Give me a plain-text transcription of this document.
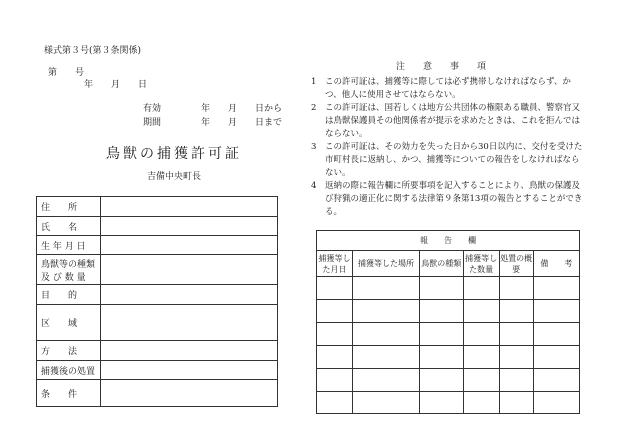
様式第３号(第３条関係)
第　　号
年　　月　　日
有効	年　　月　　日から
期間	年　　月　　日まで
鳥獣の捕獲許可証
吉備中央町長
住　　所	

氏　　名	

生 年 月 日	

鳥獣等の種類
及 び 数 量	

目　　的	

区　　域	

方　　法	

捕獲後の処置	

条　　件	

注　　意　　事　　項

1	この許可証は、捕獲等に際しては必ず携帯しなければならず、かつ、他人に使用させてはならない。

2	この許可証は、国若しくは地方公共団体の権限ある職員、警察官又は鳥獣保護員その他関係者が提示を求めたときは、これを拒んではならない。

3	この許可証は、その効力を失った日から30日以内に、交付を受けた市町村長に返納し、かつ、捕獲等についての報告をしなければならない。

4	返納の際に報告欄に所要事項を記入することにより、鳥獣の保護及び狩猟の適正化に関する法律第９条第13項の報告とすることができる。

報　　告　　欄					
捕獲等した月日	捕獲等した場所	鳥獣の種類	捕獲等した数量	処置の概要	備　　考
